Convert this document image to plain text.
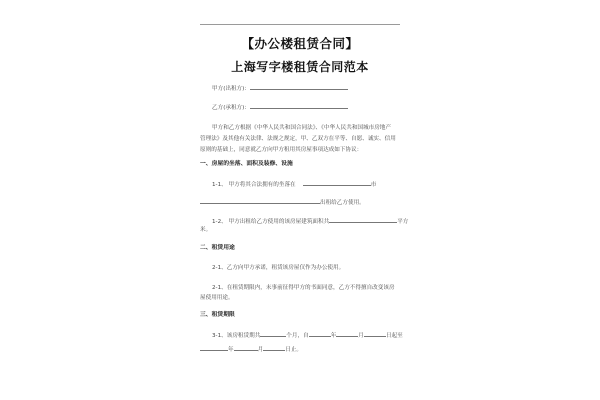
【办公楼租赁合同】
上海写字楼租赁合同范本
甲方(出租方)：
乙方(承租方)：
甲方和乙方根据《中华人民共和国合同法》、《中华人民共和国城市房地产
管理法》及其他有关法律、法规之规定，甲、乙双方在平等、自愿、诚实、信用
原则的基础上，同意就乙方向甲方租用其房屋事项达成如下协议：
一、房屋的坐落、面积及装修、设施
1-1、 甲方将其合法拥有的坐落在	市
出租给乙方使用。
1-2、 甲方出租给乙方使用的该房屋建筑面积共	平方
米。
二、租赁用途
2-1、乙方向甲方承诺，租赁该房屋仅作为办公使用。
2-1、在租赁期限内，未事前征得甲方的书面同意，乙方不得擅自改变该房
屋使用用途。
三、租赁期限
3-1、该房租赁期共	个月，自	年	月	日起至
年	月	日止。
